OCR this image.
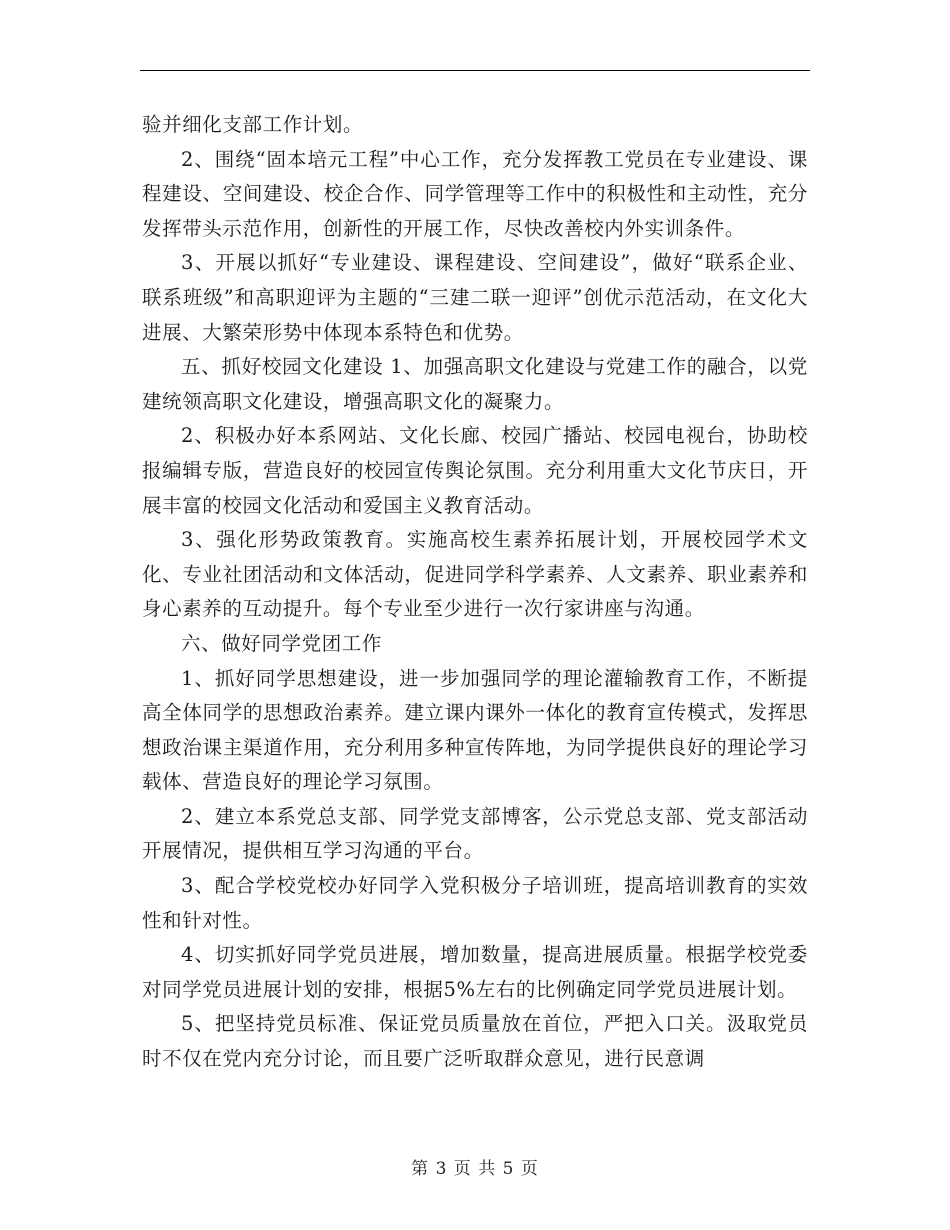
验并细化支部工作计划。

2、围绕“固本培元工程”中心工作，充分发挥教工党员在专业建设、课程建设、空间建设、校企合作、同学管理等工作中的积极性和主动性，充分发挥带头示范作用，创新性的开展工作，尽快改善校内外实训条件。

3、开展以抓好“专业建设、课程建设、空间建设”，做好“联系企业、联系班级”和高职迎评为主题的“三建二联一迎评”创优示范活动，在文化大进展、大繁荣形势中体现本系特色和优势。

五、抓好校园文化建设 1、加强高职文化建设与党建工作的融合，以党建统领高职文化建设，增强高职文化的凝聚力。

2、积极办好本系网站、文化长廊、校园广播站、校园电视台，协助校报编辑专版，营造良好的校园宣传舆论氛围。充分利用重大文化节庆日，开展丰富的校园文化活动和爱国主义教育活动。

3、强化形势政策教育。实施高校生素养拓展计划，开展校园学术文化、专业社团活动和文体活动，促进同学科学素养、人文素养、职业素养和身心素养的互动提升。每个专业至少进行一次行家讲座与沟通。

六、做好同学党团工作

1、抓好同学思想建设，进一步加强同学的理论灌输教育工作，不断提高全体同学的思想政治素养。建立课内课外一体化的教育宣传模式，发挥思想政治课主渠道作用，充分利用多种宣传阵地，为同学提供良好的理论学习载体、营造良好的理论学习氛围。

2、建立本系党总支部、同学党支部博客，公示党总支部、党支部活动开展情况，提供相互学习沟通的平台。

3、配合学校党校办好同学入党积极分子培训班，提高培训教育的实效性和针对性。

4、切实抓好同学党员进展，增加数量，提高进展质量。根据学校党委对同学党员进展计划的安排，根据5%左右的比例确定同学党员进展计划。

5、把坚持党员标准、保证党员质量放在首位，严把入口关。汲取党员时不仅在党内充分讨论，而且要广泛听取群众意见，进行民意调

第 3 页 共 5 页
